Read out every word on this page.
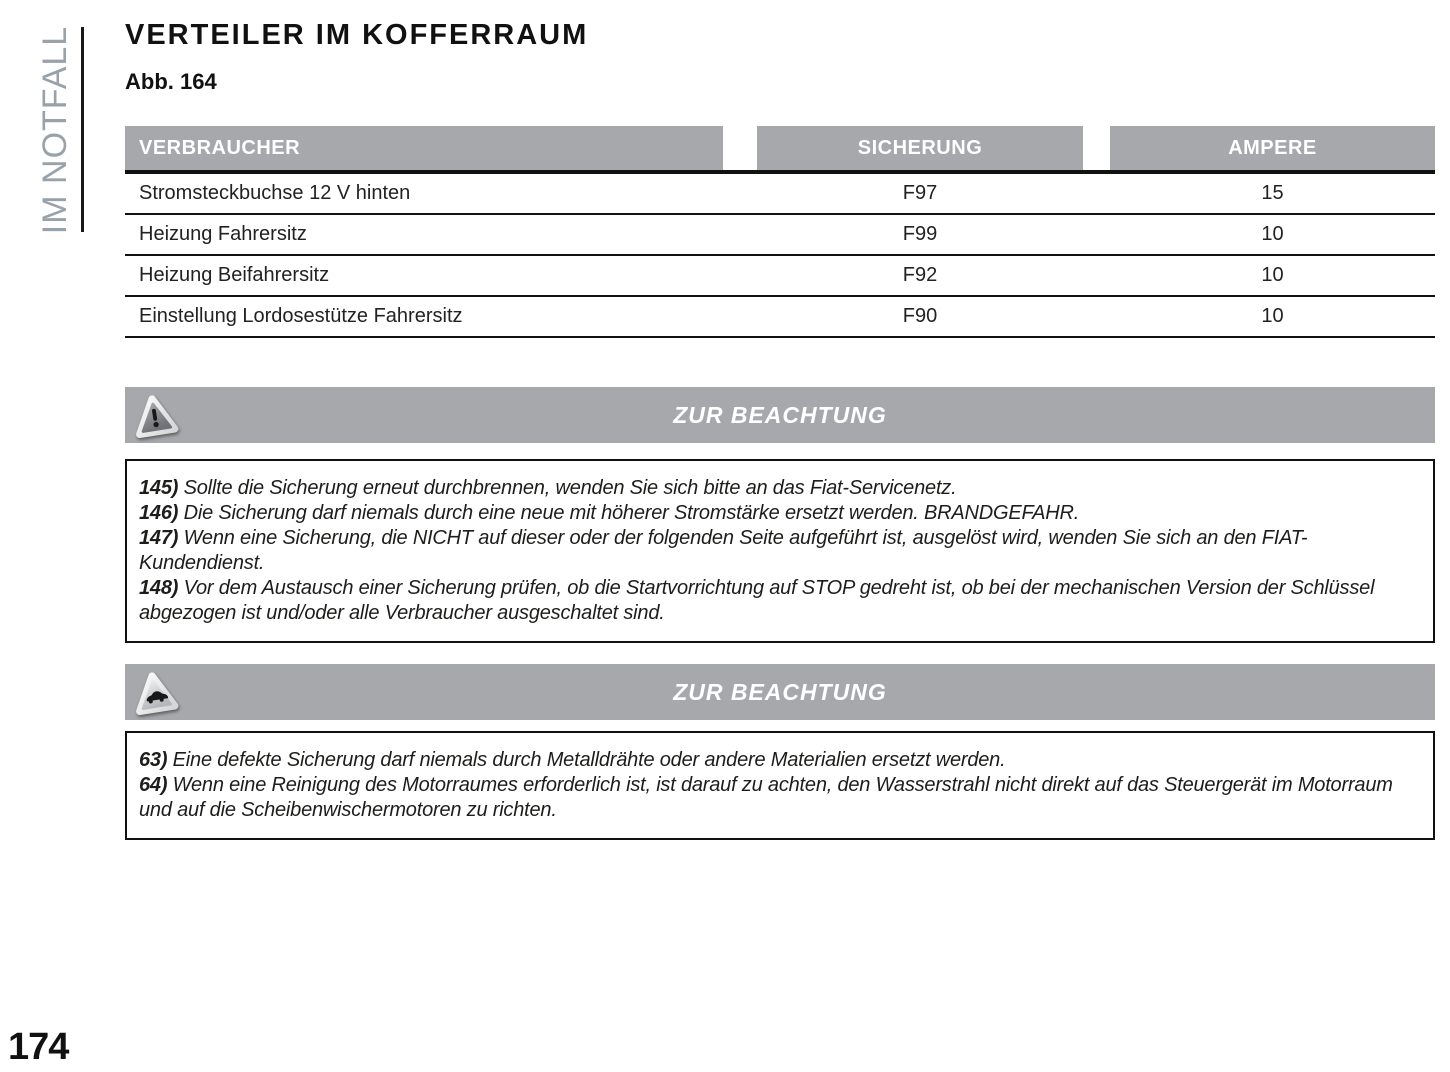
IM NOTFALL VERTEILER IM KOFFERRAUM
Abb. 164
VERBRAUCHER	SICHERUNG	AMPERE
Stromsteckbuchse 12 V hinten	F97	15
Heizung Fahrersitz	F99	10
Heizung Beifahrersitz	F92	10
Einstellung Lordosestütze Fahrersitz	F90	10
ZUR BEACHTUNG

145) Sollte die Sicherung erneut durchbrennen, wenden Sie sich bitte an das Fiat-Servicenetz.

146) Die Sicherung darf niemals durch eine neue mit höherer Stromstärke ersetzt werden. BRANDGEFAHR.

147) Wenn eine Sicherung, die NICHT auf dieser oder der folgenden Seite aufgeführt ist, ausgelöst wird, wenden Sie sich an den FIAT-Kundendienst.

148) Vor dem Austausch einer Sicherung prüfen, ob die Startvorrichtung auf STOP gedreht ist, ob bei der mechanischen Version der Schlüssel abgezogen ist und/oder alle Verbraucher ausgeschaltet sind.

ZUR BEACHTUNG

63) Eine defekte Sicherung darf niemals durch Metalldrähte oder andere Materialien ersetzt werden.

64) Wenn eine Reinigung des Motorraumes erforderlich ist, ist darauf zu achten, den Wasserstrahl nicht direkt auf das Steuergerät im Motorraum und auf die Scheibenwischermotoren zu richten.

174
